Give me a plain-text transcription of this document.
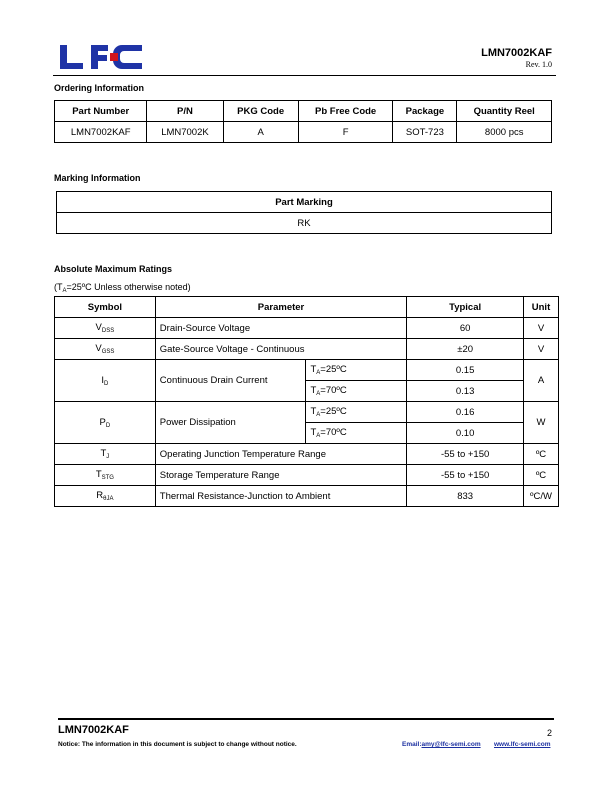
LMN7002KAF
Rev. 1.0
Ordering Information
Part Number	P/N	PKG Code	Pb Free Code	Package	Quantity Reel
LMN7002KAF	LMN7002K	A	F	SOT-723	8000 pcs
Marking Information
Part Marking
RK
Absolute Maximum Ratings
($T_A=25ºC$ Unless otherwise noted)
Symbol	Parameter		Typical	Unit
$V_{DSS}$	Drain-Source Voltage		60	V
$V_{GSS}$	Gate-Source Voltage - Continuous		±20	V
$I_D$	Continuous Drain Current	$T_A=25ºC$	0.15	A
		$T_A=70ºC$	0.13	
$P_D$	Power Dissipation	$T_A=25ºC$	0.16	W
		$T_A=70ºC$	0.10	
$T_J$	Operating Junction Temperature Range		-55 to +150	ºC
$T_{STG}$	Storage Temperature Range		-55 to +150	ºC
$R_{\theta JA}$	Thermal Resistance-Junction to Ambient		833	ºC/W
LMN7002KAF	2
Notice: The information in this document is subject to change without notice.	Email:amy@lfc-semi.com www.lfc-semi.com
